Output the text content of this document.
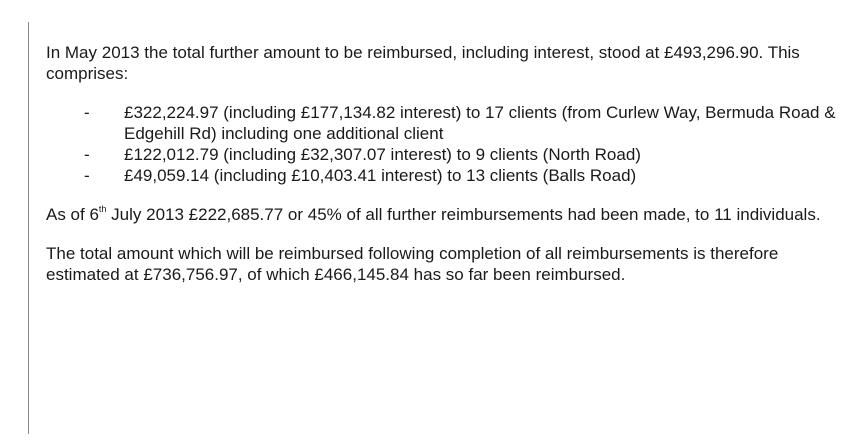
In May 2013 the total further amount to be reimbursed, including interest, stood at £493,296.90. This comprises:

- £322,224.97 (including £177,134.82 interest) to 17 clients (from Curlew Way, Bermuda Road & Edgehill Rd) including one additional client
- £122,012.79 (including £32,307.07 interest) to 9 clients (North Road)
- £49,059.14 (including £10,403.41 interest) to 13 clients (Balls Road)

As of 6th July 2013 £222,685.77 or 45% of all further reimbursements had been made, to 11 individuals.

The total amount which will be reimbursed following completion of all reimbursements is therefore estimated at £736,756.97, of which £466,145.84 has so far been reimbursed.
